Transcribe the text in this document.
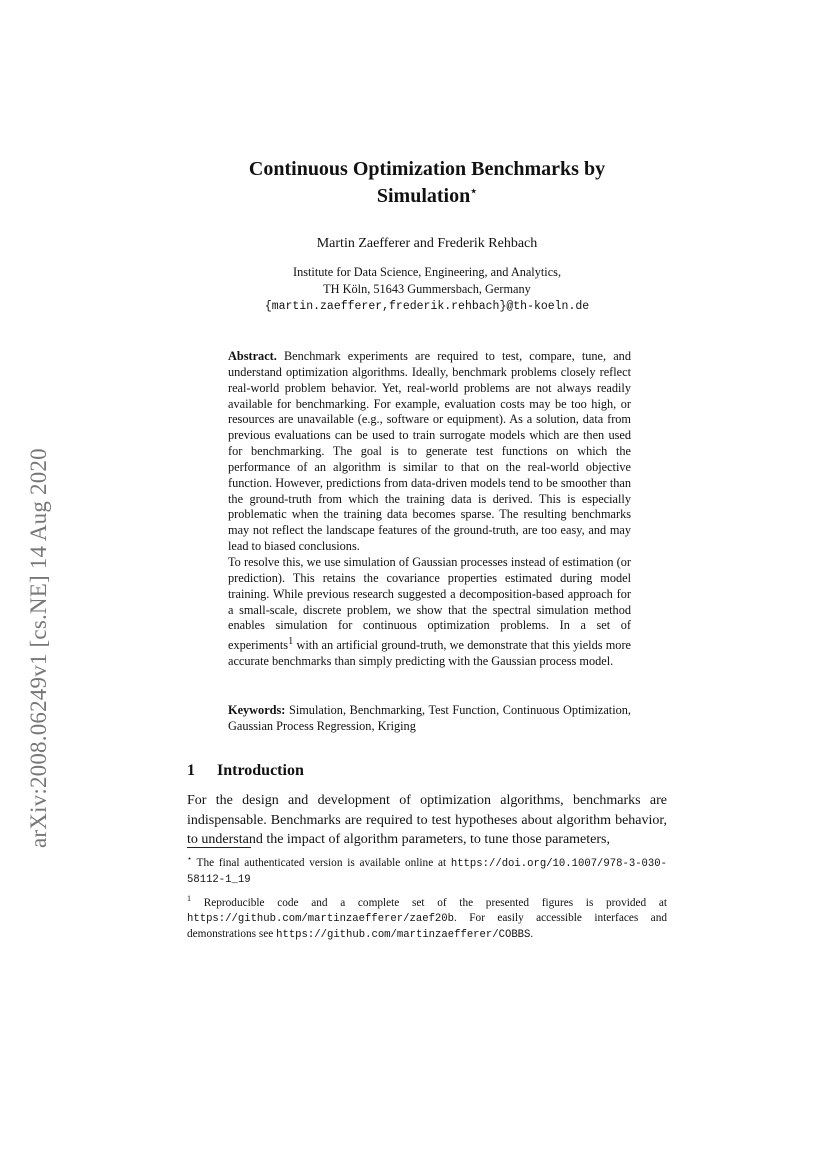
arXiv:2008.06249v1 [cs.NE] 14 Aug 2020
Continuous Optimization Benchmarks by
Simulation⋆
Martin Zaefferer and Frederik Rehbach
Institute for Data Science, Engineering, and Analytics,
TH Köln, 51643 Gummersbach, Germany
{martin.zaefferer,frederik.rehbach}@th-koeln.de

Abstract. Benchmark experiments are required to test, compare, tune, and understand optimization algorithms. Ideally, benchmark problems closely reflect real-world problem behavior. Yet, real-world problems are not always readily available for benchmarking. For example, evaluation costs may be too high, or resources are unavailable (e.g., software or equipment). As a solution, data from previous evaluations can be used to train surrogate models which are then used for benchmarking. The goal is to generate test functions on which the performance of an algorithm is similar to that on the real-world objective function. However, predictions from data-driven models tend to be smoother than the ground-truth from which the training data is derived. This is especially problematic when the training data becomes sparse. The resulting benchmarks may not reflect the landscape features of the ground-truth, are too easy, and may lead to biased conclusions.

To resolve this, we use simulation of Gaussian processes instead of estimation (or prediction). This retains the covariance properties estimated during model training. While previous research suggested a decomposition-based approach for a small-scale, discrete problem, we show that the spectral simulation method enables simulation for continuous optimization problems. In a set of experiments$^1$ with an artificial ground-truth, we demonstrate that this yields more accurate benchmarks than simply predicting with the Gaussian process model.

Keywords: Simulation, Benchmarking, Test Function, Continuous Optimization, Gaussian Process Regression, Kriging
1 Introduction
For the design and development of optimization algorithms, benchmarks are indispensable. Benchmarks are required to test hypotheses about algorithm behavior, to understand the impact of algorithm parameters, to tune those parameters,

⋆ The final authenticated version is available online at https://doi.org/10.1007/978-3-030-58112-1_19

$^1$ Reproducible code and a complete set of the presented figures is provided at https://github.com/martinzaefferer/zaef20b. For easily accessible interfaces and demonstrations see https://github.com/martinzaefferer/COBBS.
